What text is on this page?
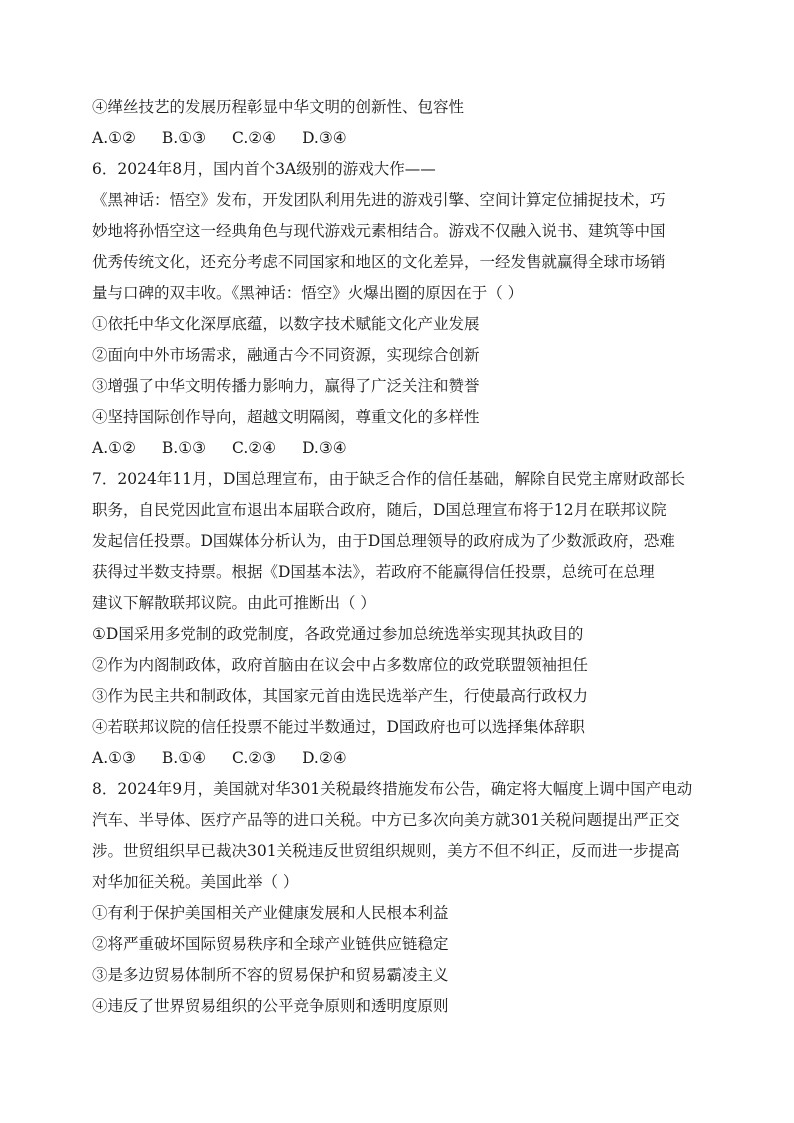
④缂丝技艺的发展历程彰显中华文明的创新性、包容性
A.①② B.①③ C.②④ D.③④
6．2024年8月，国内首个3A级别的游戏大作——
《黑神话：悟空》发布，开发团队利用先进的游戏引擎、空间计算定位捕捉技术，巧
妙地将孙悟空这一经典角色与现代游戏元素相结合。游戏不仅融入说书、建筑等中国
优秀传统文化，还充分考虑不同国家和地区的文化差异，一经发售就赢得全球市场销
量与口碑的双丰收。《黑神话：悟空》火爆出圈的原因在于（ ）
①依托中华文化深厚底蕴，以数字技术赋能文化产业发展
②面向中外市场需求，融通古今不同资源，实现综合创新
③增强了中华文明传播力影响力，赢得了广泛关注和赞誉
④坚持国际创作导向，超越文明隔阂，尊重文化的多样性
A.①② B.①③ C.②④ D.③④
7．2024年11月，D国总理宣布，由于缺乏合作的信任基础，解除自民党主席财政部长
职务，自民党因此宣布退出本届联合政府，随后，D国总理宣布将于12月在联邦议院
发起信任投票。D国媒体分析认为，由于D国总理领导的政府成为了少数派政府，恐难
获得过半数支持票。根据《D国基本法》，若政府不能赢得信任投票，总统可在总理
建议下解散联邦议院。由此可推断出（ ）
①D国采用多党制的政党制度，各政党通过参加总统选举实现其执政目的
②作为内阁制政体，政府首脑由在议会中占多数席位的政党联盟领袖担任
③作为民主共和制政体，其国家元首由选民选举产生，行使最高行政权力
④若联邦议院的信任投票不能过半数通过，D国政府也可以选择集体辞职
A.①③ B.①④ C.②③ D.②④
8．2024年9月，美国就对华301关税最终措施发布公告，确定将大幅度上调中国产电动
汽车、半导体、医疗产品等的进口关税。中方已多次向美方就301关税问题提出严正交
涉。世贸组织早已裁决301关税违反世贸组织规则，美方不但不纠正，反而进一步提高
对华加征关税。美国此举（ ）
①有利于保护美国相关产业健康发展和人民根本利益
②将严重破坏国际贸易秩序和全球产业链供应链稳定
③是多边贸易体制所不容的贸易保护和贸易霸凌主义
④违反了世界贸易组织的公平竞争原则和透明度原则
